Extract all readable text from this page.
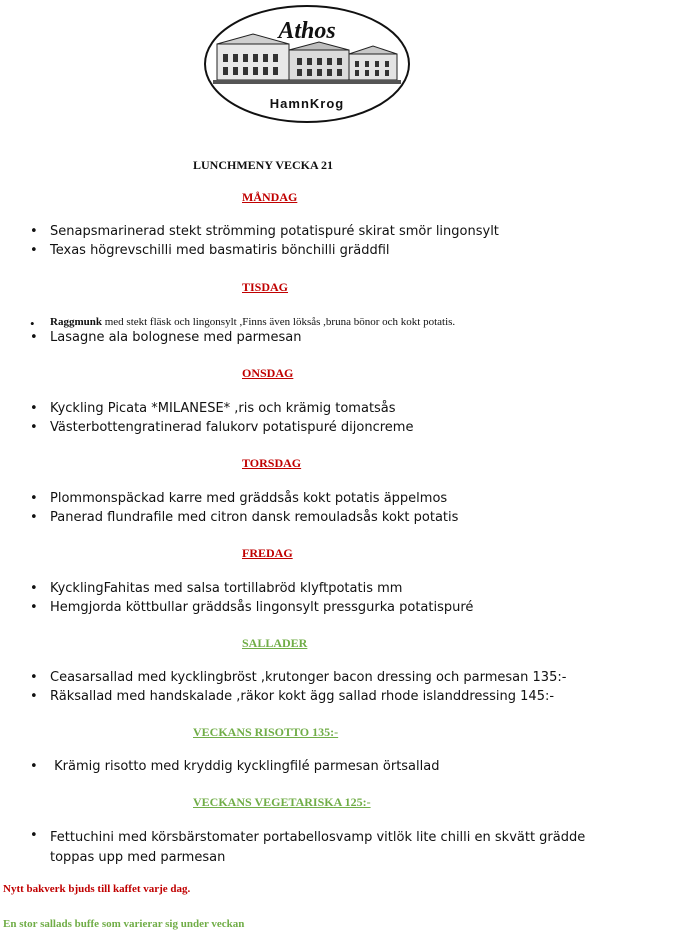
Athos
HamnKrog
LUNCHMENY VECKA 21
MÅNDAG
• Senapsmarinerad stekt strömming potatispuré skirat smör lingonsylt
• Texas högrevschilli med basmatiris bönchilli gräddfil
TISDAG
• Raggmunk med stekt fläsk och lingonsylt ,Finns även löksås ,bruna bönor och kokt potatis.
• Lasagne ala bolognese med parmesan
ONSDAG
• Kyckling Picata *MILANESE* ,ris och krämig tomatsås
• Västerbottengratinerad falukorv potatispuré dijoncreme
TORSDAG
• Plommonspäckad karre med gräddsås kokt potatis äppelmos
• Panerad flundrafile med citron dansk remouladsås kokt potatis
FREDAG
• KycklingFahitas med salsa tortillabröd klyftpotatis mm
• Hemgjorda köttbullar gräddsås lingonsylt pressgurka potatispuré
SALLADER
• Ceasarsallad med kycklingbröst ,krutonger bacon dressing och parmesan 135:-
• Räksallad med handskalade ,räkor kokt ägg sallad rhode islanddressing 145:-
VECKANS RISOTTO 135:-
• Krämig risotto med kryddig kycklingfilé parmesan örtsallad
VECKANS VEGETARISKA 125:-
• Fettuchini med körsbärstomater portabellosvamp vitlök lite chilli en skvätt grädde toppas upp med parmesan
Nytt bakverk bjuds till kaffet varje dag.
En stor sallads buffe som varierar sig under veckan
